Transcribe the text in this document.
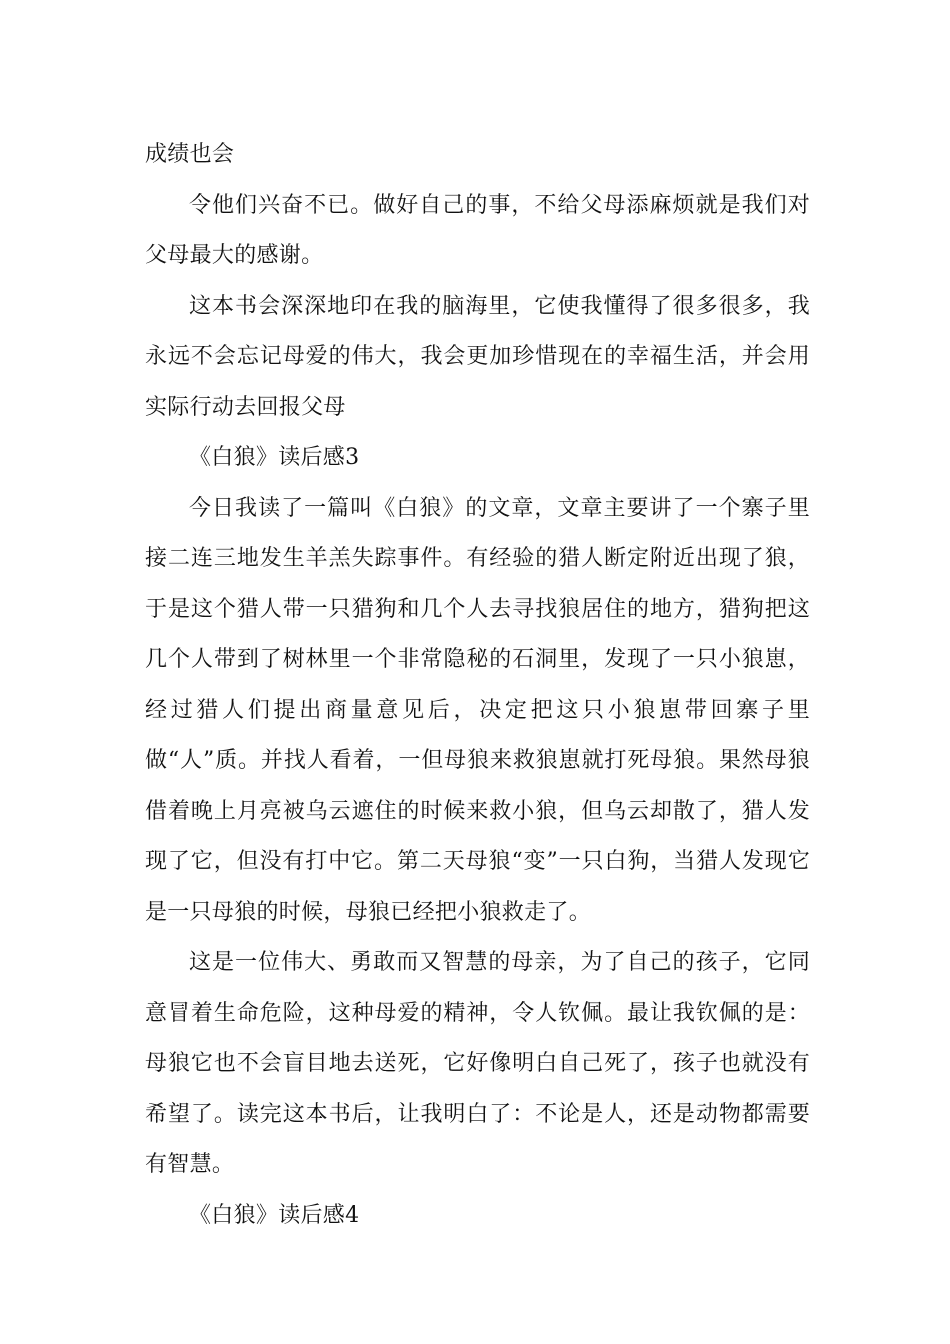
成绩也会

令他们兴奋不已。做好自己的事，不给父母添麻烦就是我们对父母最大的感谢。

这本书会深深地印在我的脑海里，它使我懂得了很多很多，我永远不会忘记母爱的伟大，我会更加珍惜现在的幸福生活，并会用实际行动去回报父母

《白狼》读后感3

今日我读了一篇叫《白狼》的文章，文章主要讲了一个寨子里接二连三地发生羊羔失踪事件。有经验的猎人断定附近出现了狼，于是这个猎人带一只猎狗和几个人去寻找狼居住的地方，猎狗把这几个人带到了树林里一个非常隐秘的石洞里，发现了一只小狼崽，经过猎人们提出商量意见后，决定把这只小狼崽带回寨子里做“人”质。并找人看着，一但母狼来救狼崽就打死母狼。果然母狼借着晚上月亮被乌云遮住的时候来救小狼，但乌云却散了，猎人发现了它，但没有打中它。第二天母狼“变”一只白狗，当猎人发现它是一只母狼的时候，母狼已经把小狼救走了。

这是一位伟大、勇敢而又智慧的母亲，为了自己的孩子，它同意冒着生命危险，这种母爱的精神，令人钦佩。最让我钦佩的是：母狼它也不会盲目地去送死，它好像明白自己死了，孩子也就没有希望了。读完这本书后，让我明白了：不论是人，还是动物都需要有智慧。

《白狼》读后感4
